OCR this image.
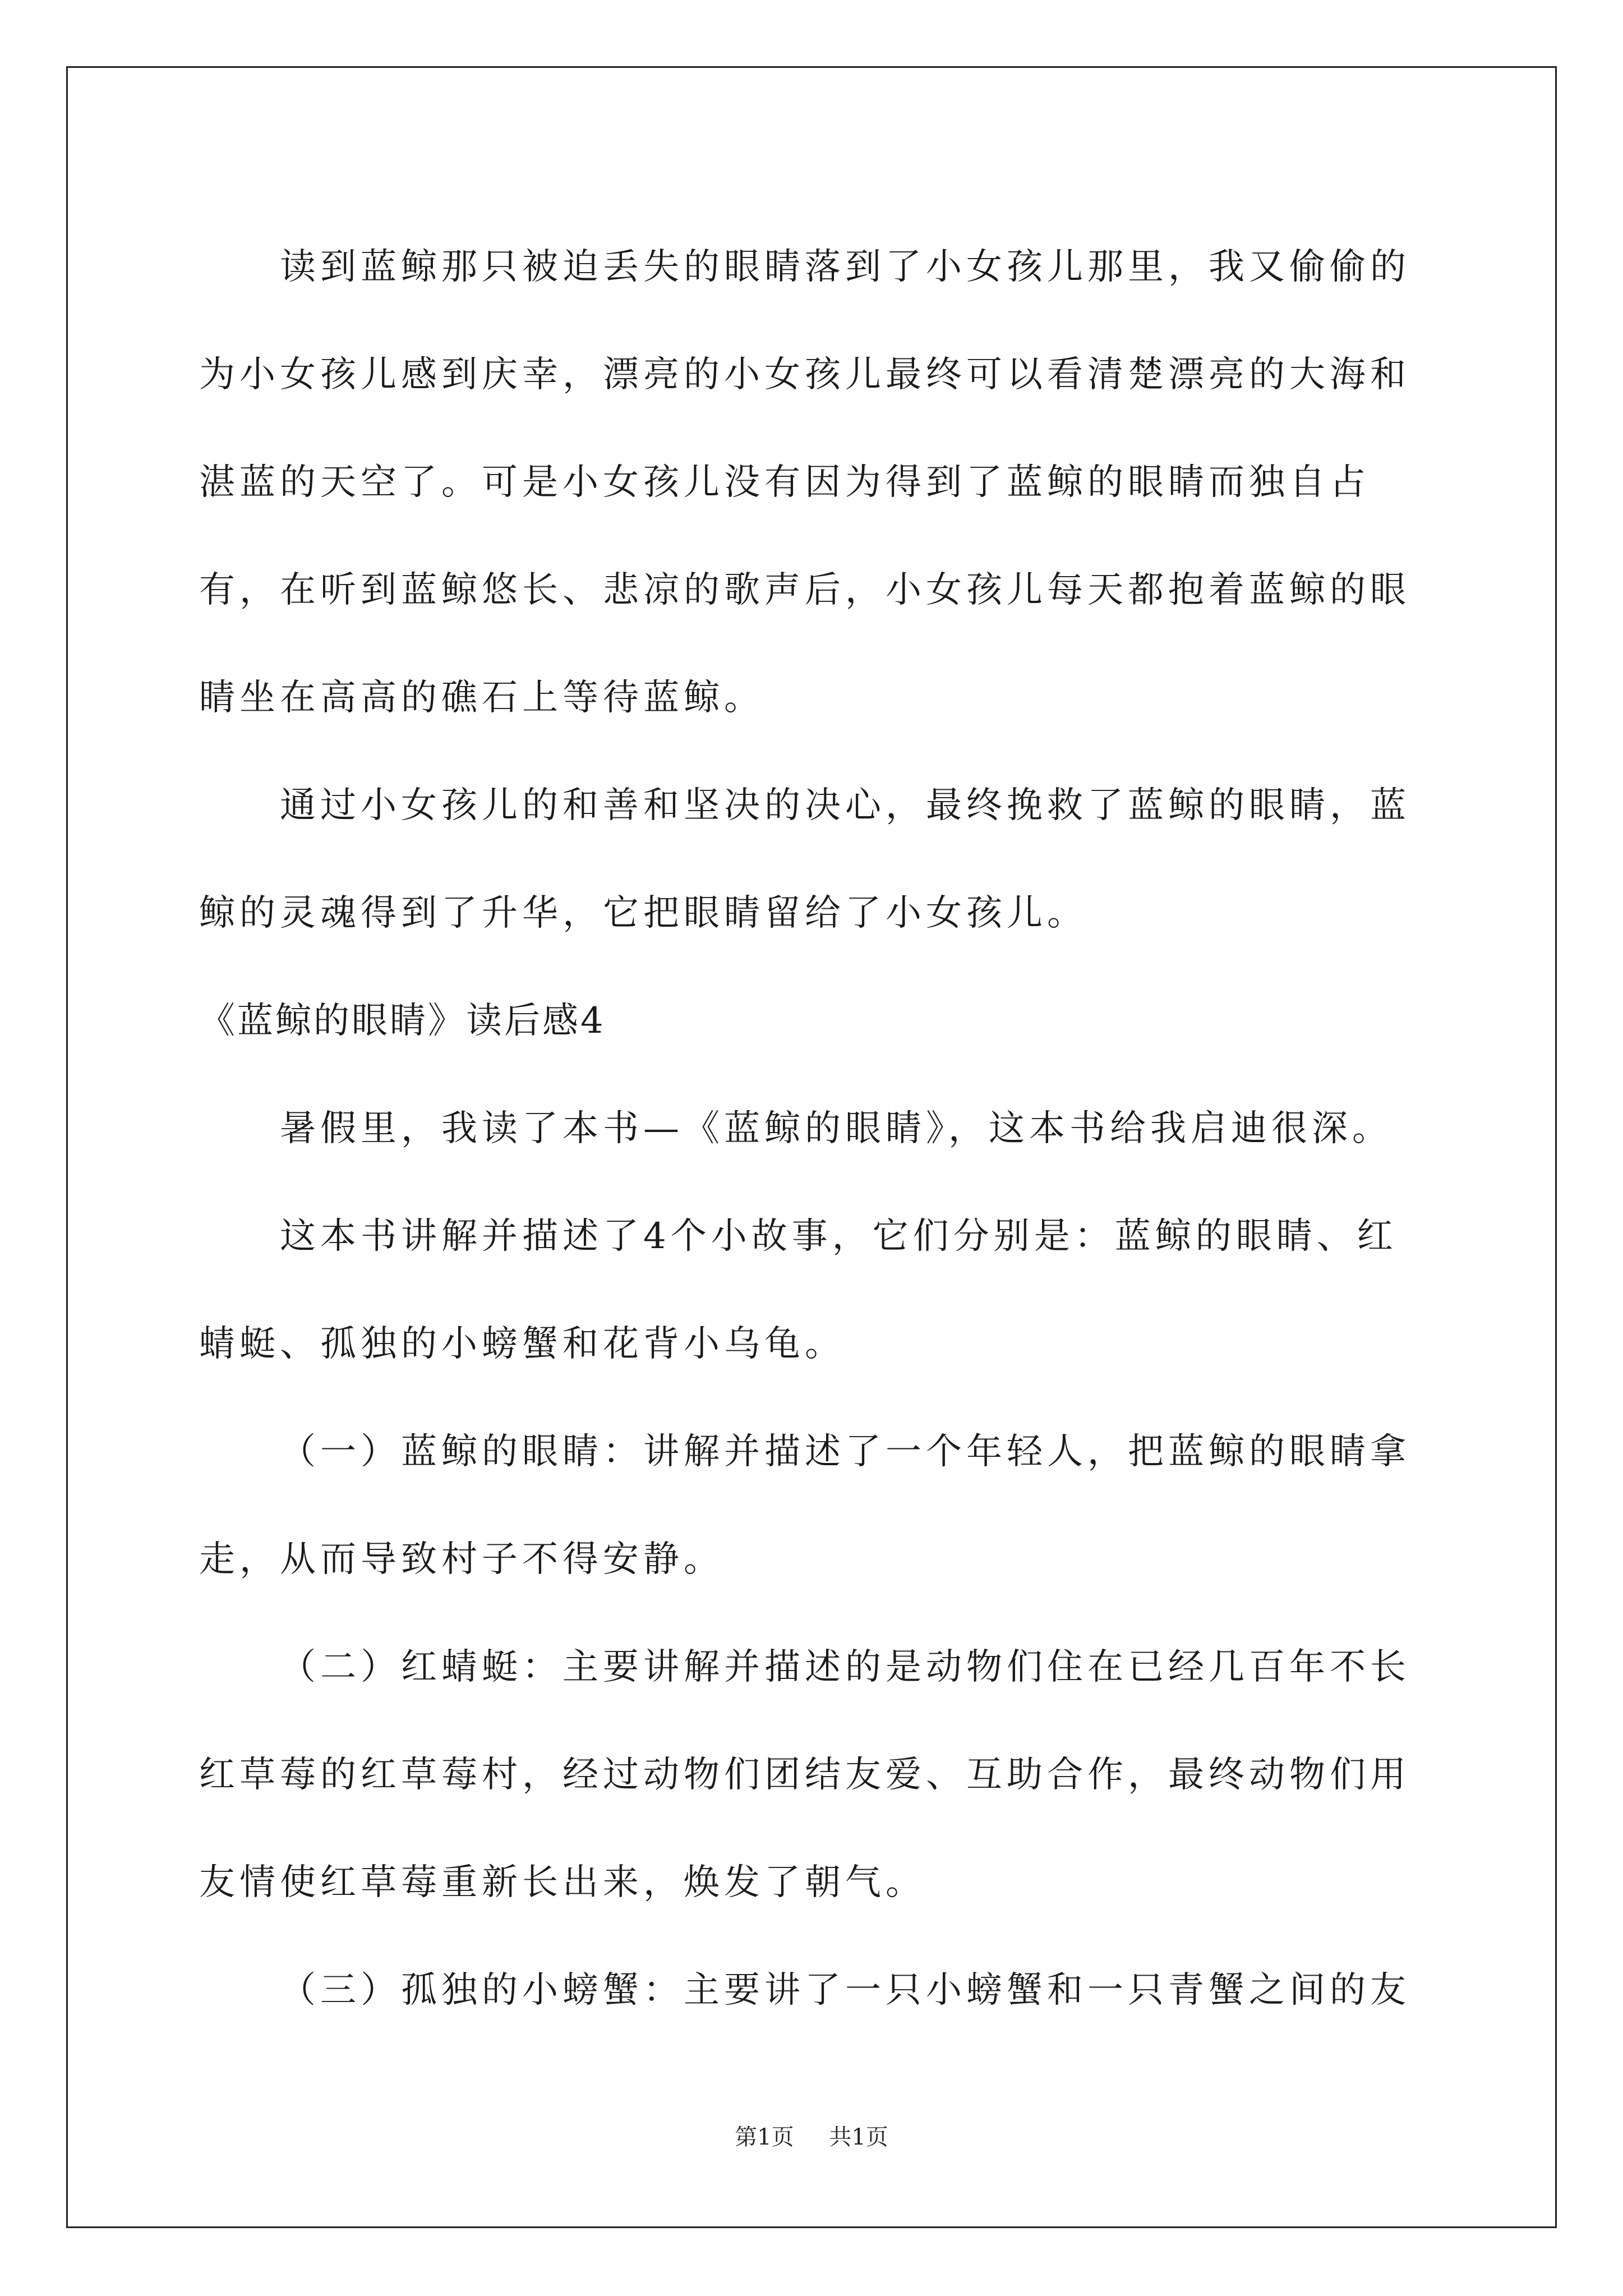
读到蓝鲸那只被迫丢失的眼睛落到了小女孩儿那里，我又偷偷的为小女孩儿感到庆幸，漂亮的小女孩儿最终可以看清楚漂亮的大海和湛蓝的天空了。可是小女孩儿没有因为得到了蓝鲸的眼睛而独自占有，在听到蓝鲸悠长、悲凉的歌声后，小女孩儿每天都抱着蓝鲸的眼睛坐在高高的礁石上等待蓝鲸。

通过小女孩儿的和善和坚决的决心，最终挽救了蓝鲸的眼睛，蓝鲸的灵魂得到了升华，它把眼睛留给了小女孩儿。

《蓝鲸的眼睛》读后感4

暑假里，我读了本书—《蓝鲸的眼睛》，这本书给我启迪很深。

这本书讲解并描述了4个小故事，它们分别是：蓝鲸的眼睛、红蜻蜓、孤独的小螃蟹和花背小乌龟。

（一）蓝鲸的眼睛：讲解并描述了一个年轻人，把蓝鲸的眼睛拿走，从而导致村子不得安静。

（二）红蜻蜓：主要讲解并描述的是动物们住在已经几百年不长红草莓的红草莓村，经过动物们团结友爱、互助合作，最终动物们用友情使红草莓重新长出来，焕发了朝气。

（三）孤独的小螃蟹：主要讲了一只小螃蟹和一只青蟹之间的友

第1页 共1页
